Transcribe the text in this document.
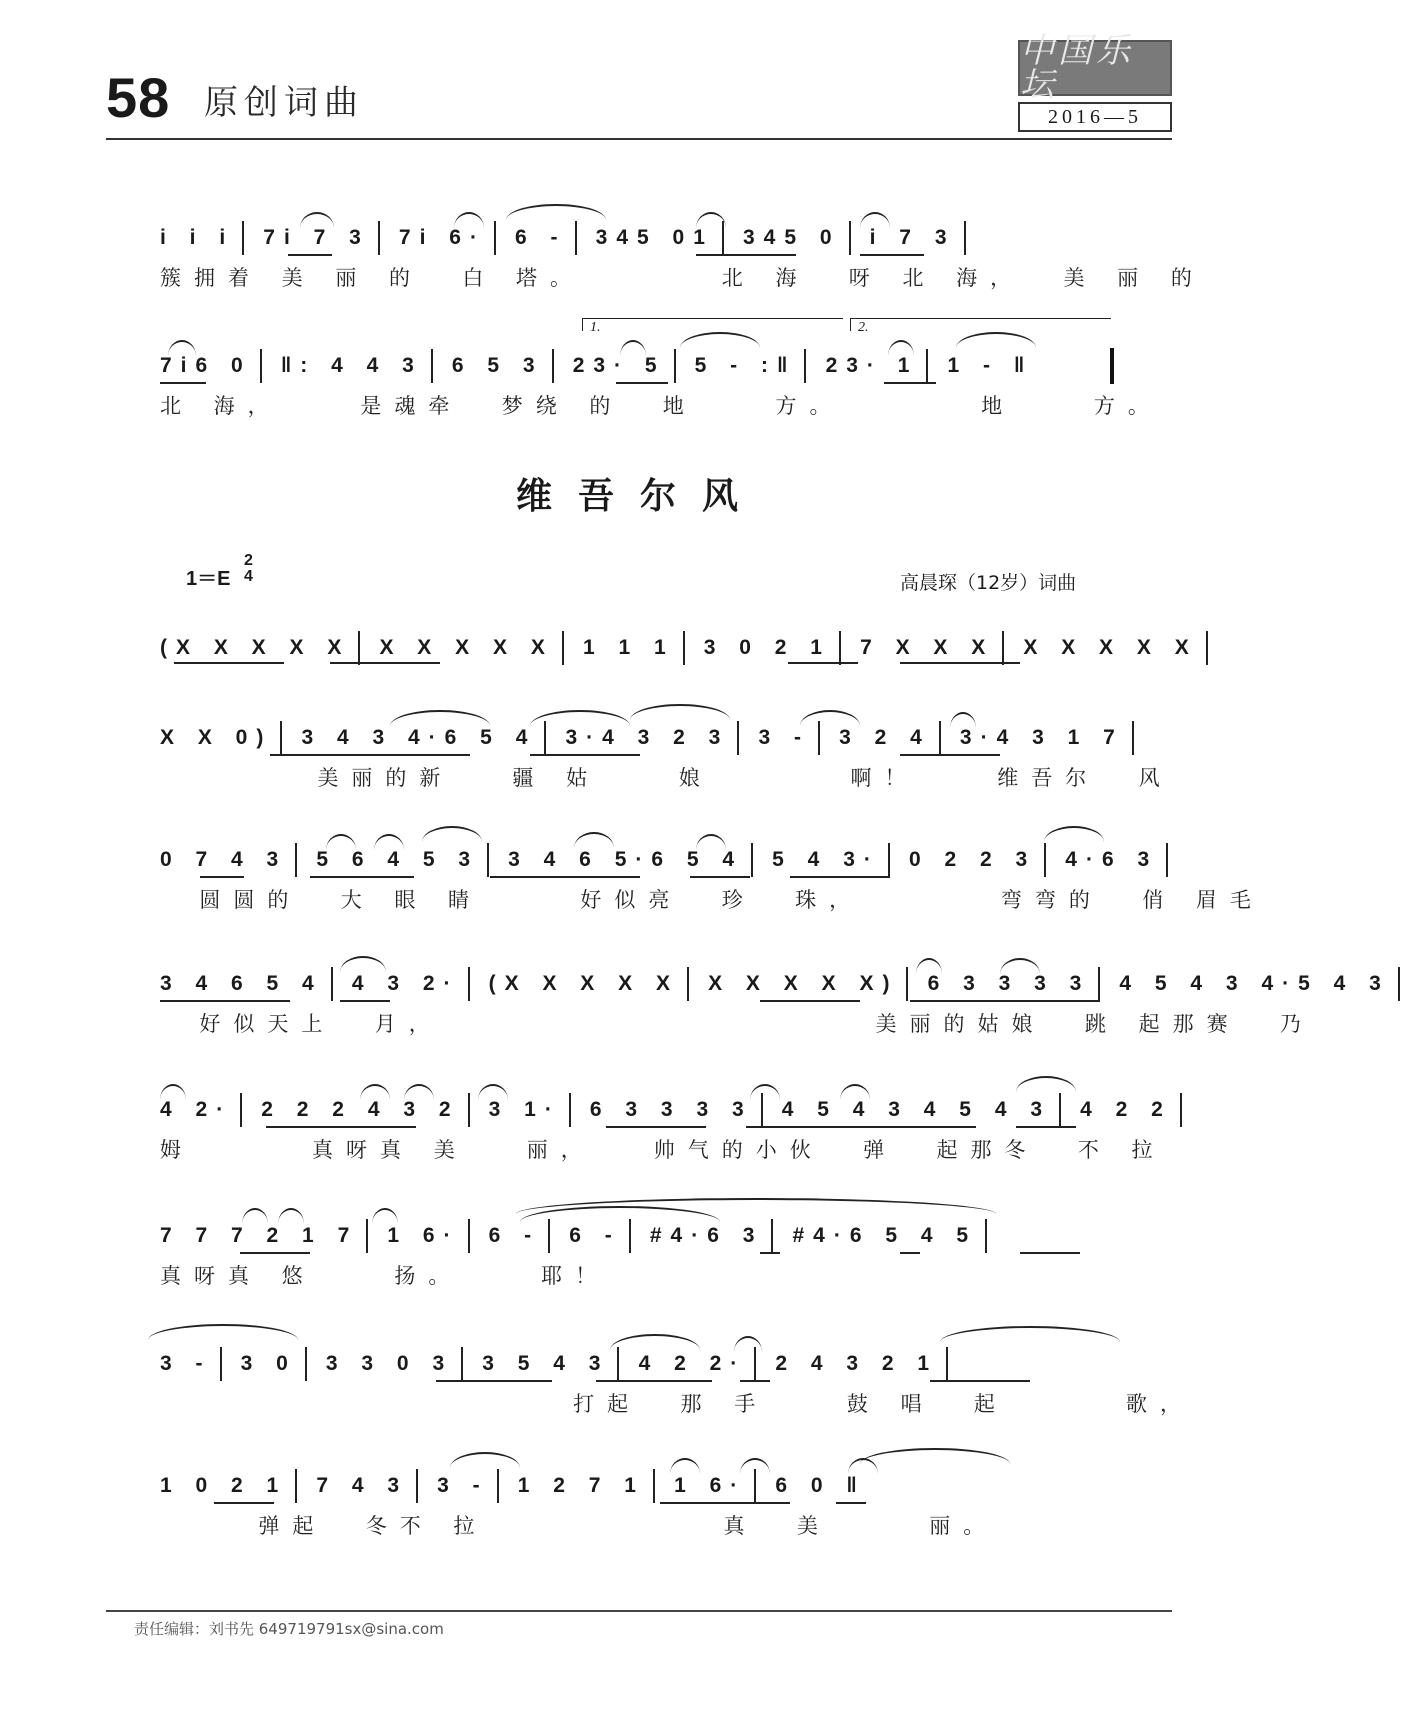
58 原创词曲
中国乐坛
2016—5
i i i 7i 7 3 7i 6· 6 - 345 01 345 0 i 7 3
簇拥着 美 丽 的  白 塔。       北 海  呀 北 海，  美 丽 的
1.	2.
7i6 0 ‖: 4 4 3 6 5 3 23· 5 5 - :‖ 23· 1 1 - ‖
北 海，    是魂牵  梦绕 的  地    方。       地    方。
维吾尔风
1＝E
2
4	高晨琛（12岁）词曲
(X X X X X X X X X X 1 1 1 3 0 2 1 7 X X X X X X X X
X X 0) 3 4 3 4·6 5 4 3·4 3 2 3 3 - 3 2 4 3·4 3 1 7
美丽的新   疆 姑    娘       啊！    维吾尔  风
0 7 4 3 5 6 4 5 3 3 4 6 5·6 5 4 5 4 3· 0 2 2 3 4·6 3
圆圆的  大 眼 睛     好似亮  珍  珠，       弯弯的  俏 眉毛
3 4 6 5 4 4 3 2· (X X X X X X X X X X) 6 3 3 3 3 4 5 4 3 4·5 4 3
好似天上  月，                      美丽的姑娘  跳 起那赛  乃
4 2· 2 2 2 4 3 2 3 1· 6 3 3 3 3 4 5 4 3 4 5 4 3 4 2 2
姆      真呀真 美   丽，   帅气的小伙  弹  起那冬  不 拉
7 7 7 2 1 7 1 6· 6 - 6 - #4·6 3 #4·6 5 4 5
真呀真 悠    扬。    耶！
3 - 3 0 3 3 0 3 3 5 4 3 4 2 2· 2 4 3 2 1
打起  那 手    鼓 唱  起      歌，
1 0 2 1 7 4 3 3 - 1 2 7 1 1 6· 6 0 ‖
弹起  冬不 拉            真  美     丽。
责任编辑：刘书先 649719791sx@sina.com
